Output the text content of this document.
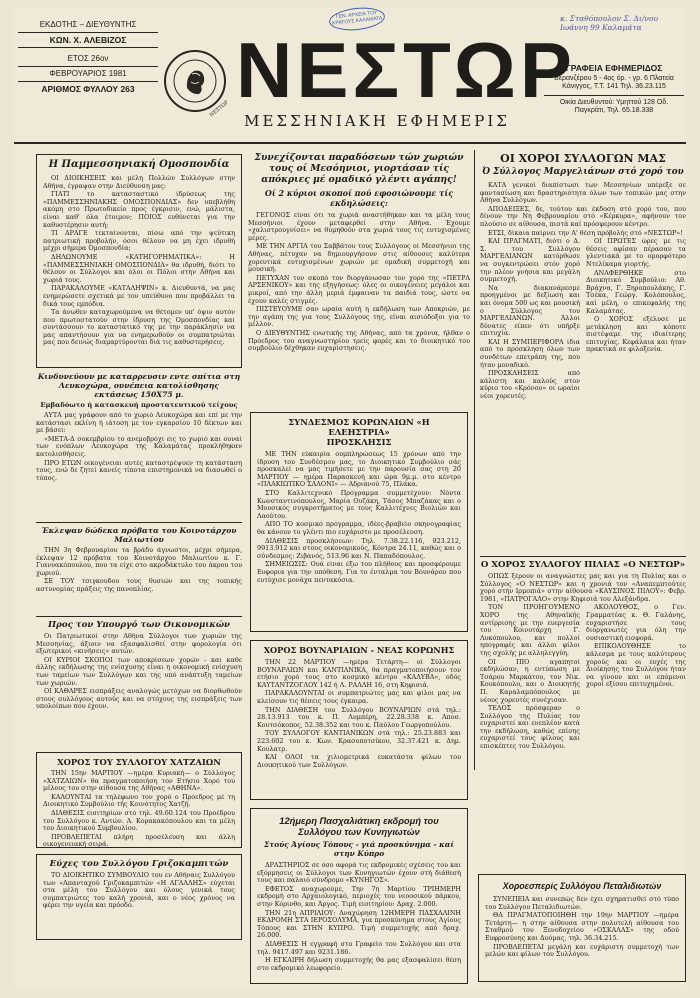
ΕΚΔΟΤΗΣ – ΔΙΕΥΘΥΝΤΗΣ
ΚΩΝ. Χ. ΑΛΕΒΙΖΟΣ
ΕΤΟΣ 26ον
ΦΕΒΡΟΥΑΡΙΟΣ 1981
ΑΡΙΘΜΟΣ ΦΥΛΛΟΥ 263
ΝΕΣΤΩΡ
ΓΕΝ. ΑΡΧΕΙΑ ΤΟΥ ΚΡΑΤΟΥΣ ΚΑΛΑΜΑΤΑ
ΝΕΣΤΩΡ
ΜΕΣΣΗΝΙΑΚΗ ΕΦΗΜΕΡΙΣ
κ. Σταθόπουλον Σ. Δι/νου Ιωάννη 99 Καλαμάτα
ΓΡΑΦΕΙΑ ΕΦΗΜΕΡΙΔΟΣ
Βερανζέρου 5 - 4ος όρ. - γρ. 6 Πλατεία Κάνιγγος, Τ.Τ. 141 Τηλ. 36.23.115
Οικία Διευθυντού: Υμηττού 128 Οδ. Παγκράτι, Τηλ. 65.18.338
Η Παμμεσσηνιακή Ομοσπονδία
ΟΙ ΔΙΟΙΚΗΣΕΙΣ και μέλη Πολλών Συλλόγων στην Αθήνα, έγραψαν στην Διεύθυνση μας:
ΓΙΑΤΙ το κατασταστικό ίδρύσεως της «ΠΑΜΜΕΣΣΗΝΙΑΚΗΣ ΟΜΟΣΠΟΝΔΙΑΣ» δεν υπεβλήθη ακόμη στο Πρωτοδικείο προς έγκρισιν, ενώ, μάλιστα, είναι καθ' όλα έτοιμον; ΠΟΙΟΣ ευθύνεται για την καθυστέρησιν αυτή;
ΤΙ ΑΡΑΓΕ τεκταίνονται, πίσω από την ψεύτικη πατριωτική προβολήν, όσοι θέλουν να μη έχει ιδρυθή μέχρι σήμερα Ομοσπονδία;
ΔΗΛΩΝΟΥΜΕ «ΚΑΤΗΓΟΡΗΜΑΤΙΚΑ»: Η «ΠΑΜΜΕΣΣΗΝΙΑΚΗ ΟΜΟΣΠΟΝΔΙΑ» θα ιδρυθή, διότι το θέλουν οι Σύλλογοι και όλοι οι Πόλοι στην Αθήνα και χωριά τους.
ΠΑΡΑΚΑΛΟΥΜΕ «ΚΑΤΑΛΗΨΙΝ» κ. Διευθυντά, να μας ενημερώσετε σχετικά με τον υπεύθυνο που προβάλλει τα δικά τους εμπόδια.
Τα άνωθεν καταχωρούμενα να θέτομεν υπ' όψιν αυτόν που πρωτοστατούν στην ίδρυση της Ομοσπονδίας και συντάσσουν το καταστατικό της με την παράκλησιν να μας απαντήσουν για να ενημερωθούν οι συμπατριώται μας που δεινώς διαμαρτύρονται διά τις καθυστερήσεις.
Κινδυνεύουν με καταρρευσιν εντε σπίτια στη Λευκοχώρα, ουνέπεια κατολίσθησης εκτάσεως 150Χ75 μ.
Εμβαδόωτο ή κατασκευή προστατευτικού τείχους
ΑΥΤΑ μας γράφουν από το χωριό Λευκοχώρα και επί με την κατάστασι εκλίνη ή ιάτοση με τον εγκαρσίου 10 δέκτων και με βάσει:
«ΜΕΤΑ-Δ σοκεμβρίου το ανεμοβρόχι εις το χωριό και ουναί των ενόπλων Λευκοχώρα της Καλαμάτας προκλήθηκαν κατολισθήσεις.
ΠΡΟ ΕΤΩΝ οικογένειαι αυτές καταστρέψυεν τη κατάσταση τους, ενώ δε ζητεί κανείς τίποτα επιστημονικά να διασωθεί ο τόπος.
Έκλεψαν δώδεκα πρόβατα του Κοινοτάρχου Μαλιωτίου
ΤΗΝ 3η Φεβρουαρίου τα βράδυ άγνωστοι, μέχρι σήμερα, έκλεψαν 12 πρόβατα του Κοινοτάρχου Μαλιωτίου κ. Γ. Γιαννακόπουλου, που τα είχε στο ακροδάκτυλο του άκρου του χωριού.
ΣΕ ΤΟΥ τσιγκουδου τους θυσιών και της τοπικής αστυνομίας πράξεις της πανοπλίας.
Προς τον Υπουργό των Οικονομικών
Οι Πατριωτικοί στην Αθήνα Σύλλογοι των χωριών της Μεσσηνίας, άξιοιν να εξασφαλισθεί στην φορολογία ότι εξωτερικοί «κινήσεις» αυτών.
ΟΙ ΚΥΡΙΟΙ ΣΚΟΠΟΙ των αποκρίσεων χορών - και καθε άλλης εκδήλωσης της ενίσχυσης είναι η οικονομική ενίσχυση των ταμείων των Συλλόγων και της υπό ανάπτυξη ταμείων των χωριών.
ΟΙ ΚΑΘΑΡΕΣ εισπράξεις αναλογώς μετόχων να διορθωθούν στους συλλόγους αυτούς και να στόχους της εισπράξεις των υπολοίπων που έχουν.
ΧΟΡΟΣ ΤΟΥ ΣΥΛΛΟΓΟΥ ΧΑΤΖΑΙΩΝ
ΤΗΝ 15ην ΜΑΡΤΙΟΥ —ημέρα Κυριακή— ο Σύλλογος «ΧΑΤΖΑΙΩΝ» θα πραγματοποιήση τον Ετήσιο Χορό του μέλους του στην αίθουσα της Αθήνας «ΑΘΗΝΑ».
ΚΑΛΟΥΝΤΑΙ τα τηλέφωνο τον χορό ο Πρόεδρος μέ τη Διοικητικό Συμβούλιο τής Κοινότητος Χατζή.
ΔΙΑΘΕΣΙΣ εισιτηρίων στό τηλ. 49.60.124 του Προέδρου του Συλλόγου κ. Αντών. Α. Κορακακόπουλου και τα μέλη του Διοικητικού Συμβουλίου.
ΠΡΟΒΛΕΠΕΤΑΙ πλήρη προσέλευση και άλλη οικογενειακή σειρά.
Εύχες του Συλλόγου Γριζοκαμπιτών
ΤΟ ΔΙΟΙΚΗΤΙΚΟ ΣΥΜΒΟΥΛΙΟ του εν Αθήναις Συλλόγου των «Απανταχού Γριζοκαμπιτών «Η ΑΓΑΛΛΗΣ» εύχεται στα μέλη του Συλλόγου και όλους γενικά τους συμπατριώτες του καλή χρονιά, και ο νέος χρόνος να φέρει την υγεία και πρόοδο.
Συνεχίζονται παραδόσεων τών χωριών τους οί Μεσόηνιοι, γιορτάσαν τίς απόκριες μέ ομαδικό γλέντι αγάπης!
Οί 2 κύριοι σκοποί πού εφοσιώνουμε τίς εκδηλώσεις:
ΓΕΓΟΝΟΣ είναι ότι τα χωριά αναστήθηκαν και τα μέλη τους Μεσσήνιοι έχουν μεταφερθεί στην Αθήνα. Έχουμε «χαλιστρουγνίσει» να θυμηθούν στα χωριά τους τις ευτυχισμένες μέρες.
ΜΕ ΤΗΝ ΑΡΓΙΑ του Σαββάτου τους Συλλόγους οί Μεσσήνιοι της Αθήνας, πέτυχαν να δημιουργήσουν στις αίθουσες καλύτερα χορευτικά ευτυχισμένων χωριών με ομαδική συμμετοχή και μουσική.
ΠΕΤΥΧΑΝ τον σκοπό τον διοργάνωσαν τον χορό της «ΠΕΤΡΑ ΑΡΣΕΝΙΚΟΥ» και της εξηγήσεως: όλες οι οικογένειες μεγάλοι και μικροί, από την άλλη μεριά έμφαιναν τα παιδιά τους, ώστε να έχουν καλές στιγμές.
ΠΙΣΤΕΥΟΥΜΕ σαν ωραία αυτή η εκδήλωση των Αποκριών, με την αγάπη της για τους Συλλόγους της, είναι αισιόδοξοι για το μέλλον.
Ο ΔΙΕΥΘΥΝΤΗΣ ενωτικής της Αθήνας, από τα χρόνια, ήλθαν ο Πρόεδρος του αναγνωστηρίου τρείς φορές και το διοικητικό του συμβούλιο δέχθηκαν ευχαρίστησεις.
ΣΥΝΔΕΣΜΟΣ ΚΟΡΩΝΑΙΩΝ «Η ΕΛΕΗΣΤΡΙΑ»
ΠΡΟΣΚΛΗΣΙΣ
ΜΕ ΤΗΝ εύκαιρία ουμπληρώσεως 15 χρόνων από την ίδρυση του Συνδέσμου μας, το Διοικητικό Συμβούλιο σάς προσκαλεί να μας τιμήσετε με την παρουσία σας στη 20 ΜΑΡΤΙΟΥ — ημέρα Παρασκευή και ώρα 9μ.μ. στο κέντρο «ΠΛΑΚΙΩΤΙΚΟ ΣΑΛΟΝΙ» — Αδριανού 75, Πλάκα.
ΣΤΟ Καλλιτεχνικό Πρόγραμμα συμμετέχουν: Νόντα Κωνσταντινόπουλος, Μαρία Ουζάκη, Τάσος Μπαζάκας και ο Μουσικός συγκροτήματος με τους Καλλιτέχνες Βιολιών και Λαούτου.
ΑΠΟ ΤΟ κοσμικό πρόγραμμα, ιδέες-βραβείο σκηνογραφίας θα κάνουν το γλέντι πιο ευχάριστο με προσέλευση.
ΔΙΑΘΕΣΙΣ προσκλήσεων: Τηλ. 7.38.22.116, 923.212, 9913.912 και στους οικονομικούς, Κόντρα 24.11, καθώς και ο σύνδεσμος: Ζιβανός, 513.96 και Ν. Παπαδόπουλος.
ΣΗΜΕΙΩΣΙΣ: Ουά είναι έξω του πλήθους και προσφέρουμε Ευφορια για την υπόθεση. Για το ένταλμα του Βουνάρου που ευτύχισε μονάχα πεντακόσια.
ΧΟΡΟΣ ΒΟΥΝΑΡΙΑΙΩΝ - ΝΕΑΣ ΚΟΡΩΝΗΣ
ΤΗΝ 22 ΜΑΡΤΙΟΥ —ημέρα Τετάρτη— οί Σύλλογοι ΒΟΥΝΑΡΑΙΩΝ και ΚΑΝΤΙΑΝΙΚΑ, θα πραγματοποιήσουν τον ετήσιο χορό τους στο κοσμικό κέντρο «ΚΑΛΥΒΑ», οδός ΚΑΥΤΑΝΤΖΟΓΛΟΥ 142 ή Λ. ΡΑΛΛΗ 16, στη Κηφισιά.
ΠΑΡΑΚΑΛΟΥΝΤΑΙ οι συμπατριώτες μας και φίλοι μας να κλείσουν τις θέσεις τους έγκαιρα.
ΤΗΝ ΔΙΑΘΕΣΗ του Συλλόγου ΒΟΥΝΑΡΙΩΝ στά τηλ.: 28.13.913 του κ. Π. Λυμπέρη, 22.28.338 κ. Αποσ. Κουτσόκοπος, 52.38.352 και του κ. Παύλου Γεωργοπούλου.
ΤΟΥ ΣΥΛΛΟΓΟΥ ΚΑΝΤΙΑΝΙΚΩΝ στά τηλ.: 25.23.883 και 223.602 του κ. Κων. Κρασοποτσίκου, 32.37.421 κ. Δημ. Κουλατρ.
ΚΑΙ ΟΛΟΙ τα χιλιομετρικά ευκατάστα φίλων του Διοικητικού των Συλλόγων.
12ήμερη Πασχαλιάτικη εκδρομή του Συλλόγου των Κυνηγιωτών
Στούς Άγίους Τόπους - γιά προσκύνημα - καί στην Κύπρο
ΔΡΑΣΤΗΡΙΟΣ σε όσο αφορά τις εκδρομικές σχέσεις του και εξόρμησεις οι Σύλλογοι των Κυνηγιωτών έχουν στή διάθεσή τους και παλαιό σύνδρομο «ΚΥΝΗΓΟΣ».
ΕΦΕΤΟΣ αναχωρούμε, Την 7η Μαρτίου ΤΡΙΗΜΕΡΗ εκδρομή στο Αρχαιολογικό, περιοχές του νεοοσικού πάρκου, στην Κόρινθο, και Άργος. Τιμή εισιτηρίου: Δραχ. 2.000.
ΤΗΝ 21η ΑΠΡΙΛΙΟΥ: Αναχώρηση 12ΗΜΕΡΗ ΠΑΣΧΑΛΙΝΗ ΕΚΔΡΟΜΗ ΣΤΑ ΙΕΡΟΣΟΛΥΜΑ, για προσκύνημα στους Αγίους Τόπους και ΣΤΗΝ ΚΥΠΡΟ. Τιμή συμμετοχής από δραχ. 26.000.
ΔΙΑΘΕΣΙΣ Η εγγραφή στο Γραφείο του Συλλόγου και στα τηλ. 9417.497 και 9231.186.
Η ΕΓΚΑΙΡΗ δήλωση συμμετοχής θα μας εξασφαλίσει θέση στο εκδρομικό λεωφορείο.
ΟΙ ΧΟΡΟΙ ΣΥΛΛΟΓΩΝ ΜΑΣ
Ό Σύλλογος Μαργελιάνων στό χορό του
ΚΑΤΑ γενικοί διαπίστωσι των Μεσσηνίων υπέρεξε σε φαντασίωση και δραστηριότητα όλων των τοπικών μας στην Αθήνα Συλλόγων.
ΑΠΟΔΕΙΞΕΣ, δε, τούτου και έκδοση στό χορό του, που δίνουν την Νη Φεβρουαρίου στό «Κέρκυρα», αφήνουν τον πλούσιο σε αίθουσα, πιστά καί πρόσφερουν κέντρο.
ΕΤΣΙ, δίκαια παίρνει την Α' θέση πρόβολής στό «ΝΕΣΤΩΡ»!
ΚΑΙ ΠΡΑΓΜΑΤΙ, διότι ο Δ. Σ. του Συλλόγου ΜΑΡΓΕΛΙΑΝΩΝ κατόρθωσε να συγκεντρώσει στόν χορό την πλέον γνήσια και μεγάλη συμμετοχή.
Να διακανάρεσμε προηγμένοι με δεξίωση και και όνομα 500 ως και μουσική ο Σύλλογος του ΜΑΡΓΕΛΙΑΝΩΝ. Άλλοι δύνατες είπεν ότι υπήρξε επιτυχία.
ΚΑΙ Η ΣΥΜΠΕΡΙΦΟΡΑ ίδια από το πρόσκληση όλων των συνδέτων επετράπη της, που ήταν μοναδικό.
ΠΡΟΣΚΛΗΣΕΙΣ από κάλιστη και καλούς στον κύριο του «Κρόνου» οι ωραίοι νέοι χορευτές.
ΟΙ ΠΡΩΤΕΣ ώρες με τις θέσεις αφίσαν πέρασαν τα γλεντιακά με το ομορφότερο Ντελίκαμα γιορτής.
ΑΝΑΦΕΡΘΗΚΕ στο Διοικητικό Συμβούλιο: Αθ. Βράχνα, Γ. Ξηροπουλάκης, Γ. Τσέκα, Γεώργ. Κολόπουλος, καί μέλη, ο επικεφαλής της Καλαμάτας.
Ο ΧΟΡΟΣ εξέλυσε με μετάκληση και κόποτε πιστέψαμε της ιδιαίτερης επιτυχίας. Κεφάλαια και ήταν πρακτικά σε φιλοξενία.
Ο ΧΟΡΟΣ ΣΥΛΛΟΓΟΥ ΠΙΛΙΑΣ «Ο ΝΕΣΤΩΡ»
ΟΠΩΣ ξέρουν οι αναγνώστες μας και για τη Πυλίας και ο Σύλλογος «Ο ΝΕΣΤΩΡ» και η χρονιά τον «Αναπεμπτούτες χορό στήν Ιρμοπιά» στην αίθουσα «ΚΑΥΣΙΝΟΣ ΠΙΛΟΥ»: Φεβρ. 1981, «ΠΑΤΡΟΓΑΛΟ» στην Κηφισιά του Αλεξάνδρα.
ΤΟΝ ΠΡΟΗΓΟΥΜΕΝΟ ΧΟΡΟ της Αθηναϊκής αντίρρισης με την ευεργεσία του Κοινοτάρχη Γ. Λυκόπουλου, και πολλοί ηπογραφές και άλλοι φίλοι της σχολής με αλληλεγγύη.
ΟΙ ΠΙΟ αγαπητοί εκδηλώσαν, η εντύπωση με Τσάρου Μαρκάτου, τον Νικ. Κουκόπουλο, και ο Διοικητής Π. Καραλαμπόπουλος με νέους χορευτές συνέχισαν.
ΤΕΛΟΣ πρόσφεραν ο Συλλόγου της Πυλίας τον ευχαριστεί και ενεπλέον κατά την εκδήλωση, καθώς επίσης ευχαριστεί τους φίλους και επισκέπτες του Συλλόγου.
ΑΚΟΛΟΥΘΟΣ, ο Γεν. Γραμματέας κ. Θ. Γαλάνης, ευχαριστήσε τους διοργανωτές για όλη την ουσιαστική εισφορά.
ΕΠΙΚΟΛΟΥΘΗΣΕ το κάλεσμα με τους καλύτερους χορούς και οι ευχές της Διοίκησης του Συλλόγου ήταν να γίνουν και οι επόμενοι χοροί εξίσου επιτυχημένοι.
Χοροεσπερίς Συλλόγου Πεταλιδιωτών
ΣΥΝΕΠΕΙΑ και συνεπώς δεν έχει σχηματισθεί στό τύπο του Συλλόγου Πεταλιδιωτών.
ΘΑ ΠΡΑΓΜΑΤΟΠΟΙΗΘΗ την 19ην ΜΑΡΤΙΟΥ —ημέρα Τετάρτη— η στην αίθουσα στην πολυτελή αίθουσα του Σταθμού του Ξενοδοχείου «ΟΣΚΑΛΑΣ» της οδού Ευφροσύνης και Δυόμας, τηλ. 36.34.215.
ΠΡΟΒΛΕΠΕΤΑΙ μεγάλη και ευχάριστη συμμετοχή των μελών και φίλων του Συλλόγου.
